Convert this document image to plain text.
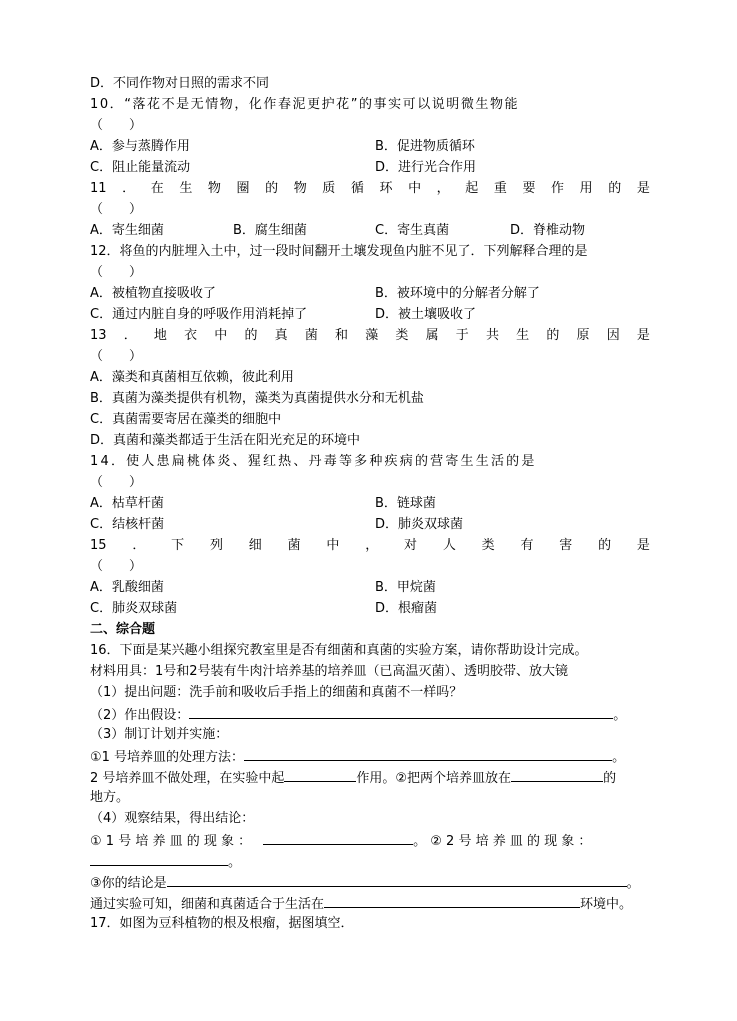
D．不同作物对日照的需求不同
10．“落花不是无情物，化作春泥更护花”的事实可以说明微生物能
（　　）
A．参与蒸腾作用	B．促进物质循环
C．阻止能量流动	D．进行光合作用
11 ． 在 生 物 圈 的 物 质 循 环 中 ， 起 重 要 作 用 的 是
（　　）
A．寄生细菌	B．腐生细菌	C．寄生真菌	D．脊椎动物
12．将鱼的内脏埋入土中，过一段时间翻开土壤发现鱼内脏不见了．下列解释合理的是
（　　）
A．被植物直接吸收了	B．被环境中的分解者分解了
C．通过内脏自身的呼吸作用消耗掉了	D．被土壤吸收了
13 ． 地 衣 中 的 真 菌 和 藻 类 属 于 共 生 的 原 因 是
（　　）
A．藻类和真菌相互依赖，彼此利用
B．真菌为藻类提供有机物，藻类为真菌提供水分和无机盐
C．真菌需要寄居在藻类的细胞中
D．真菌和藻类都适于生活在阳光充足的环境中
14．使人患扁桃体炎、猩红热、丹毒等多种疾病的营寄生生活的是
（　　）
A．枯草杆菌	B．链球菌
C．结核杆菌	D．肺炎双球菌
15 ． 下 列 细 菌 中 ， 对 人 类 有 害 的 是
（　　）
A．乳酸细菌	B．甲烷菌
C．肺炎双球菌	D．根瘤菌
二、综合题
16．下面是某兴趣小组探究教室里是否有细菌和真菌的实验方案，请你帮助设计完成。
材料用具：1号和2号装有牛肉汁培养基的培养皿（已高温灭菌）、透明胶带、放大镜
（1）提出问题：洗手前和吸收后手指上的细菌和真菌不一样吗？
（2）作出假设：	。
（3）制订计划并实施：
①1 号培养皿的处理方法：	。
2 号培养皿不做处理，在实验中起	作用。②把两个培养皿放在	的
地方。
（4）观察结果，得出结论：
① 1 号 培 养 皿 的 现 象 ：	。 ② 2 号 培 养 皿 的 现 象 ：
。
③你的结论是	。
通过实验可知，细菌和真菌适合于生活在	环境中。
17．如图为豆科植物的根及根瘤，据图填空．
